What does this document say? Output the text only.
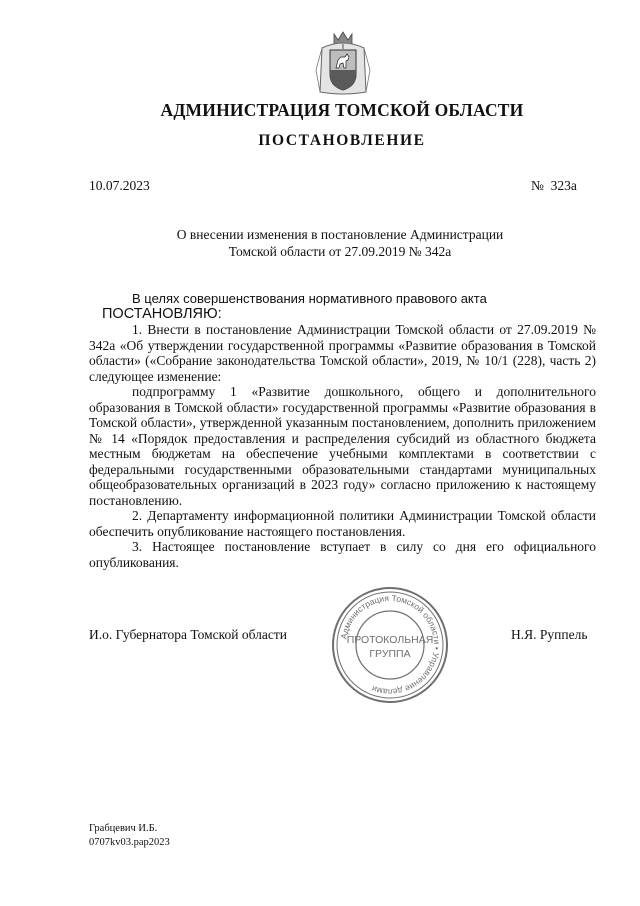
АДМИНИСТРАЦИЯ ТОМСКОЙ ОБЛАСТИ
ПОСТАНОВЛЕНИЕ
10.07.2023	№  323а
О внесении изменения в постановление Администрации
Томской области от 27.09.2019 № 342а

В целях совершенствования нормативного правового акта

ПОСТАНОВЛЯЮ:

1. Внести в постановление Администрации Томской области от 27.09.2019 № 342а «Об утверждении государственной программы «Развитие образования в Томской области» («Собрание законодательства Томской области», 2019, № 10/1 (228), часть 2) следующее изменение:

подпрограмму 1 «Развитие дошкольного, общего и дополнительного образования в Томской области» государственной программы «Развитие образования в Томской области», утвержденной указанным постановлением, дополнить приложением № 14 «Порядок предоставления и распределения субсидий из областного бюджета местным бюджетам на обеспечение учебными комплектами в соответствии с федеральными государственными образовательными стандартами муниципальных общеобразовательных организаций в 2023 году» согласно приложению к настоящему постановлению.

2. Департаменту информационной политики Администрации Томской области обеспечить опубликование настоящего постановления.

3. Настоящее постановление вступает в силу со дня его официального опубликования.

И.о. Губернатора Томской области	Н.Я. Руппель
Администрация Томской области • Управление делами
ПРОТОКОЛЬНАЯ
ГРУППА
Грабцевич И.Б.
0707kv03.pap2023
